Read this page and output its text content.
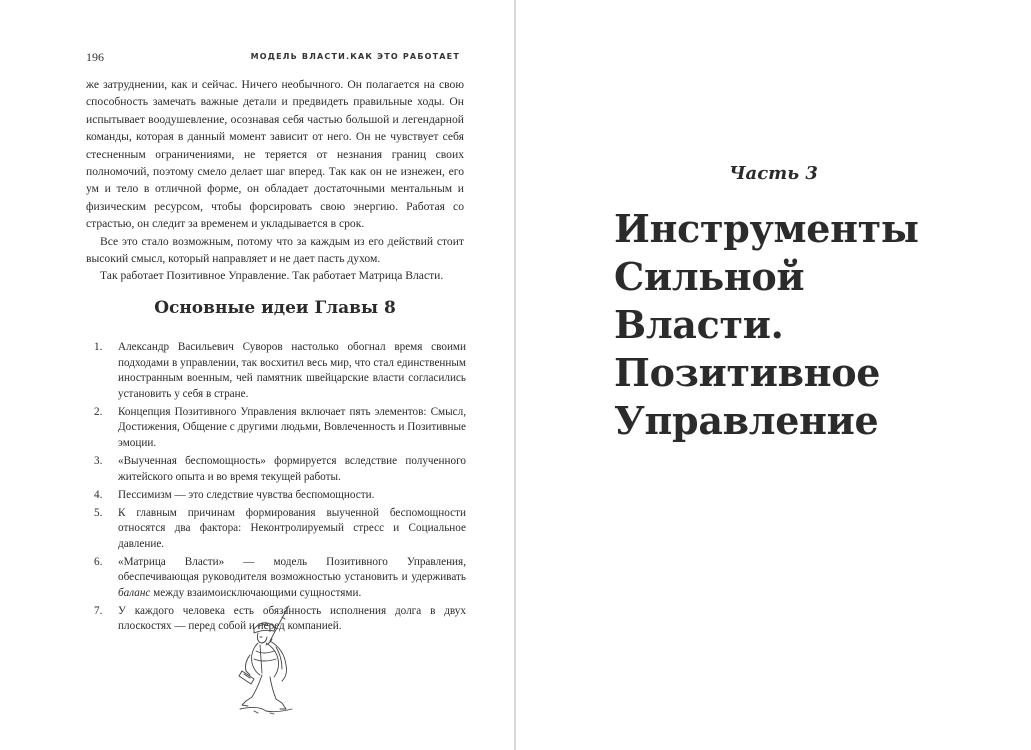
196	МОДЕЛЬ ВЛАСТИ.КАК ЭТО РАБОТАЕТ

же затруднении, как и сейчас. Ничего необычного. Он полагается на свою способность замечать важные детали и предвидеть правильные ходы. Он испытывает воодушевление, осознавая себя частью большой и легендарной команды, которая в данный момент зависит от него. Он не чувствует себя стесненным ограничениями, не теряется от незнания границ своих полномочий, поэтому смело делает шаг вперед. Так как он не изнежен, его ум и тело в отличной форме, он обладает достаточными ментальным и физическим ресурсом, чтобы форсировать свою энергию. Работая со страстью, он следит за временем и укладывается в срок.

Все это стало возможным, потому что за каждым из его действий стоит высокий смысл, который направляет и не дает пасть духом.

Так работает Позитивное Управление. Так работает Матрица Власти.

Основные идеи Главы 8
1. Александр Васильевич Суворов настолько обогнал время своими подходами в управлении, так восхитил весь мир, что стал единственным иностранным военным, чей памятник швейцарские власти согласились установить у себя в стране.
2. Концепция Позитивного Управления включает пять элементов: Смысл, Достижения, Общение с другими людьми, Вовлеченность и Позитивные эмоции.
3. «Выученная беспомощность» формируется вследствие полученного житейского опыта и во время текущей работы.
4. Пессимизм — это следствие чувства беспомощности.
5. К главным причинам формирования выученной беспомощности относятся два фактора: Неконтролируемый стресс и Социальное давление.
6. «Матрица Власти» — модель Позитивного Управления, обеспечивающая руководителя возможностью установить и удерживать баланс между взаимоисключающими сущностями.
7. У каждого человека есть обязанность исполнения долга в двух плоскостях — перед собой и перед компанией.
Часть 3
Инструменты
Сильной
Власти.
Позитивное
Управление
